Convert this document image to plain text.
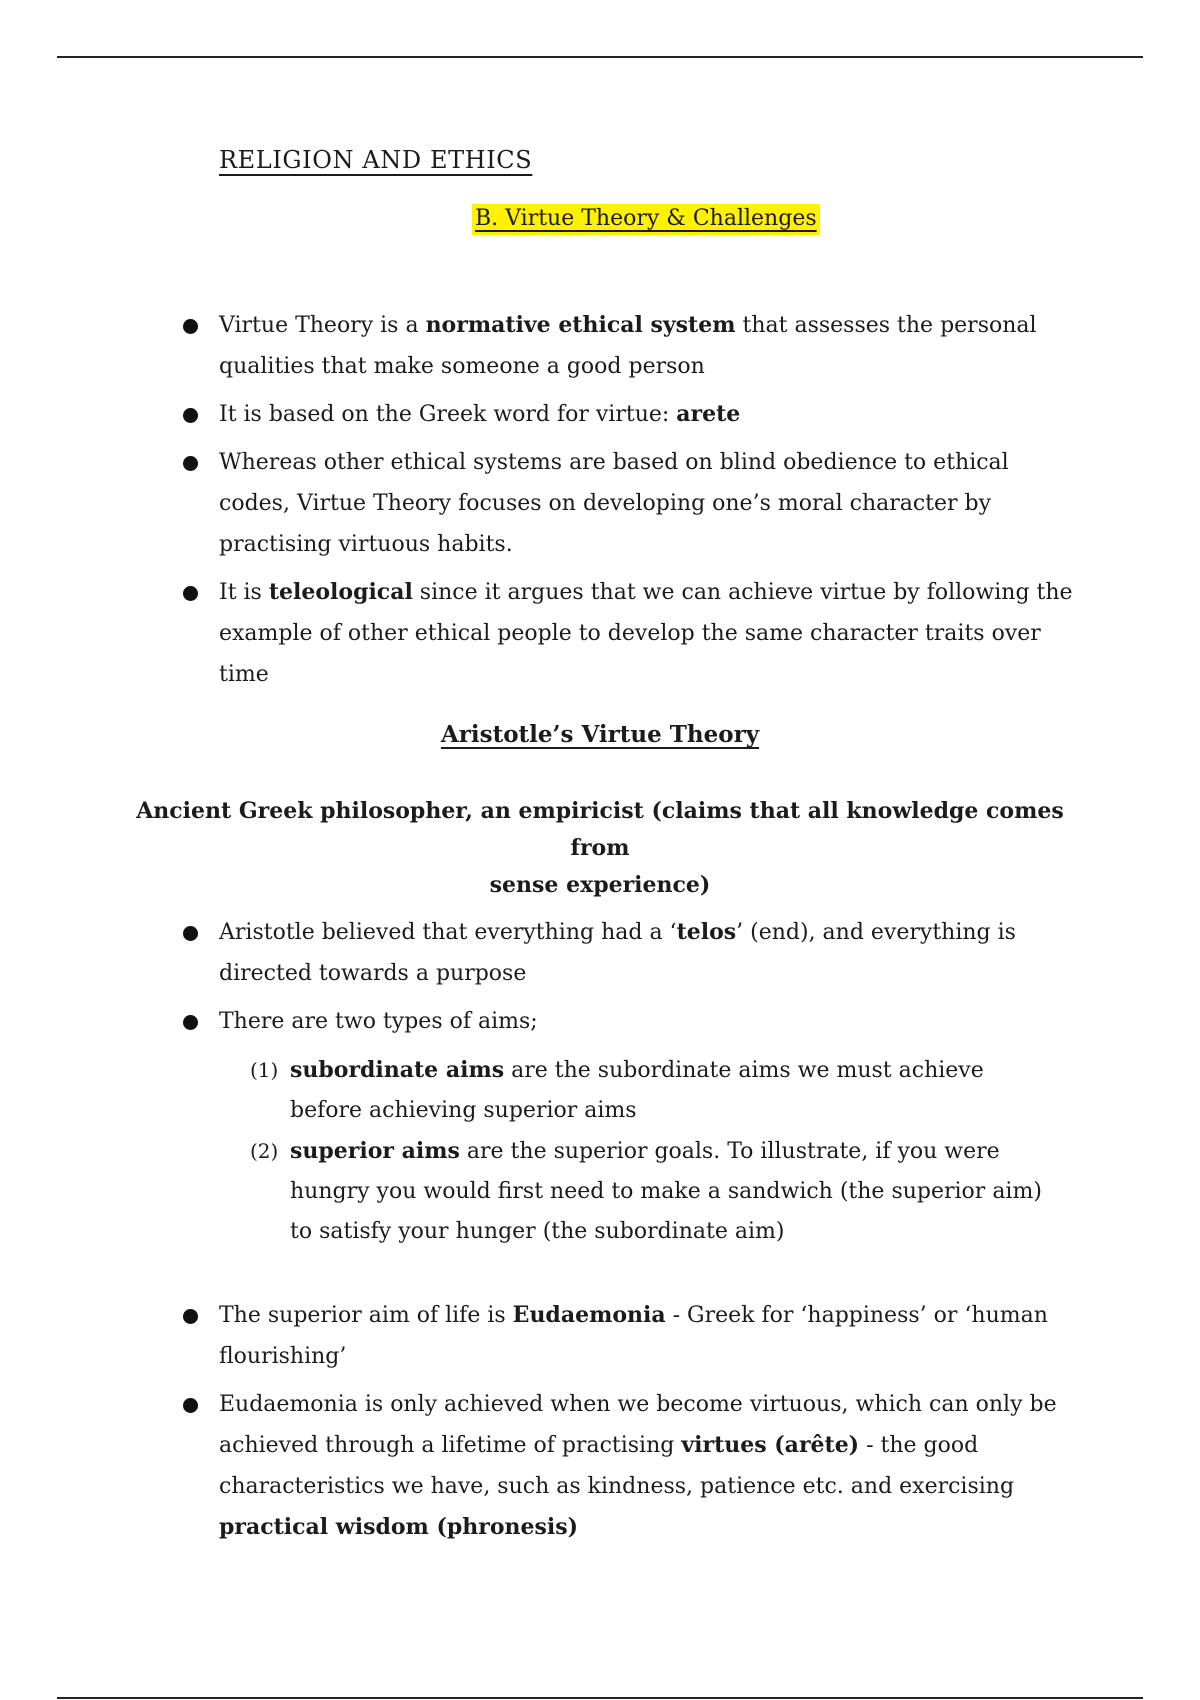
RELIGION AND ETHICS
B. Virtue Theory & Challenges
Virtue Theory is a normative ethical system that assesses the personal qualities that make someone a good person
It is based on the Greek word for virtue: arete
Whereas other ethical systems are based on blind obedience to ethical codes, Virtue Theory focuses on developing one’s moral character by practising virtuous habits.
It is teleological since it argues that we can achieve virtue by following the example of other ethical people to develop the same character traits over time
Aristotle’s Virtue Theory
Ancient Greek philosopher, an empiricist (claims that all knowledge comes from
sense experience)
Aristotle believed that everything had a ‘telos’ (end), and everything is directed towards a purpose
There are two types of aims;
(1) subordinate aims are the subordinate aims we must achieve before achieving superior aims
(2) superior aims are the superior goals. To illustrate, if you were hungry you would first need to make a sandwich (the superior aim) to satisfy your hunger (the subordinate aim)
The superior aim of life is Eudaemonia - Greek for ‘happiness’ or ‘human flourishing’
Eudaemonia is only achieved when we become virtuous, which can only be achieved through a lifetime of practising virtues (arête) - the good characteristics we have, such as kindness, patience etc. and exercising practical wisdom (phronesis)
